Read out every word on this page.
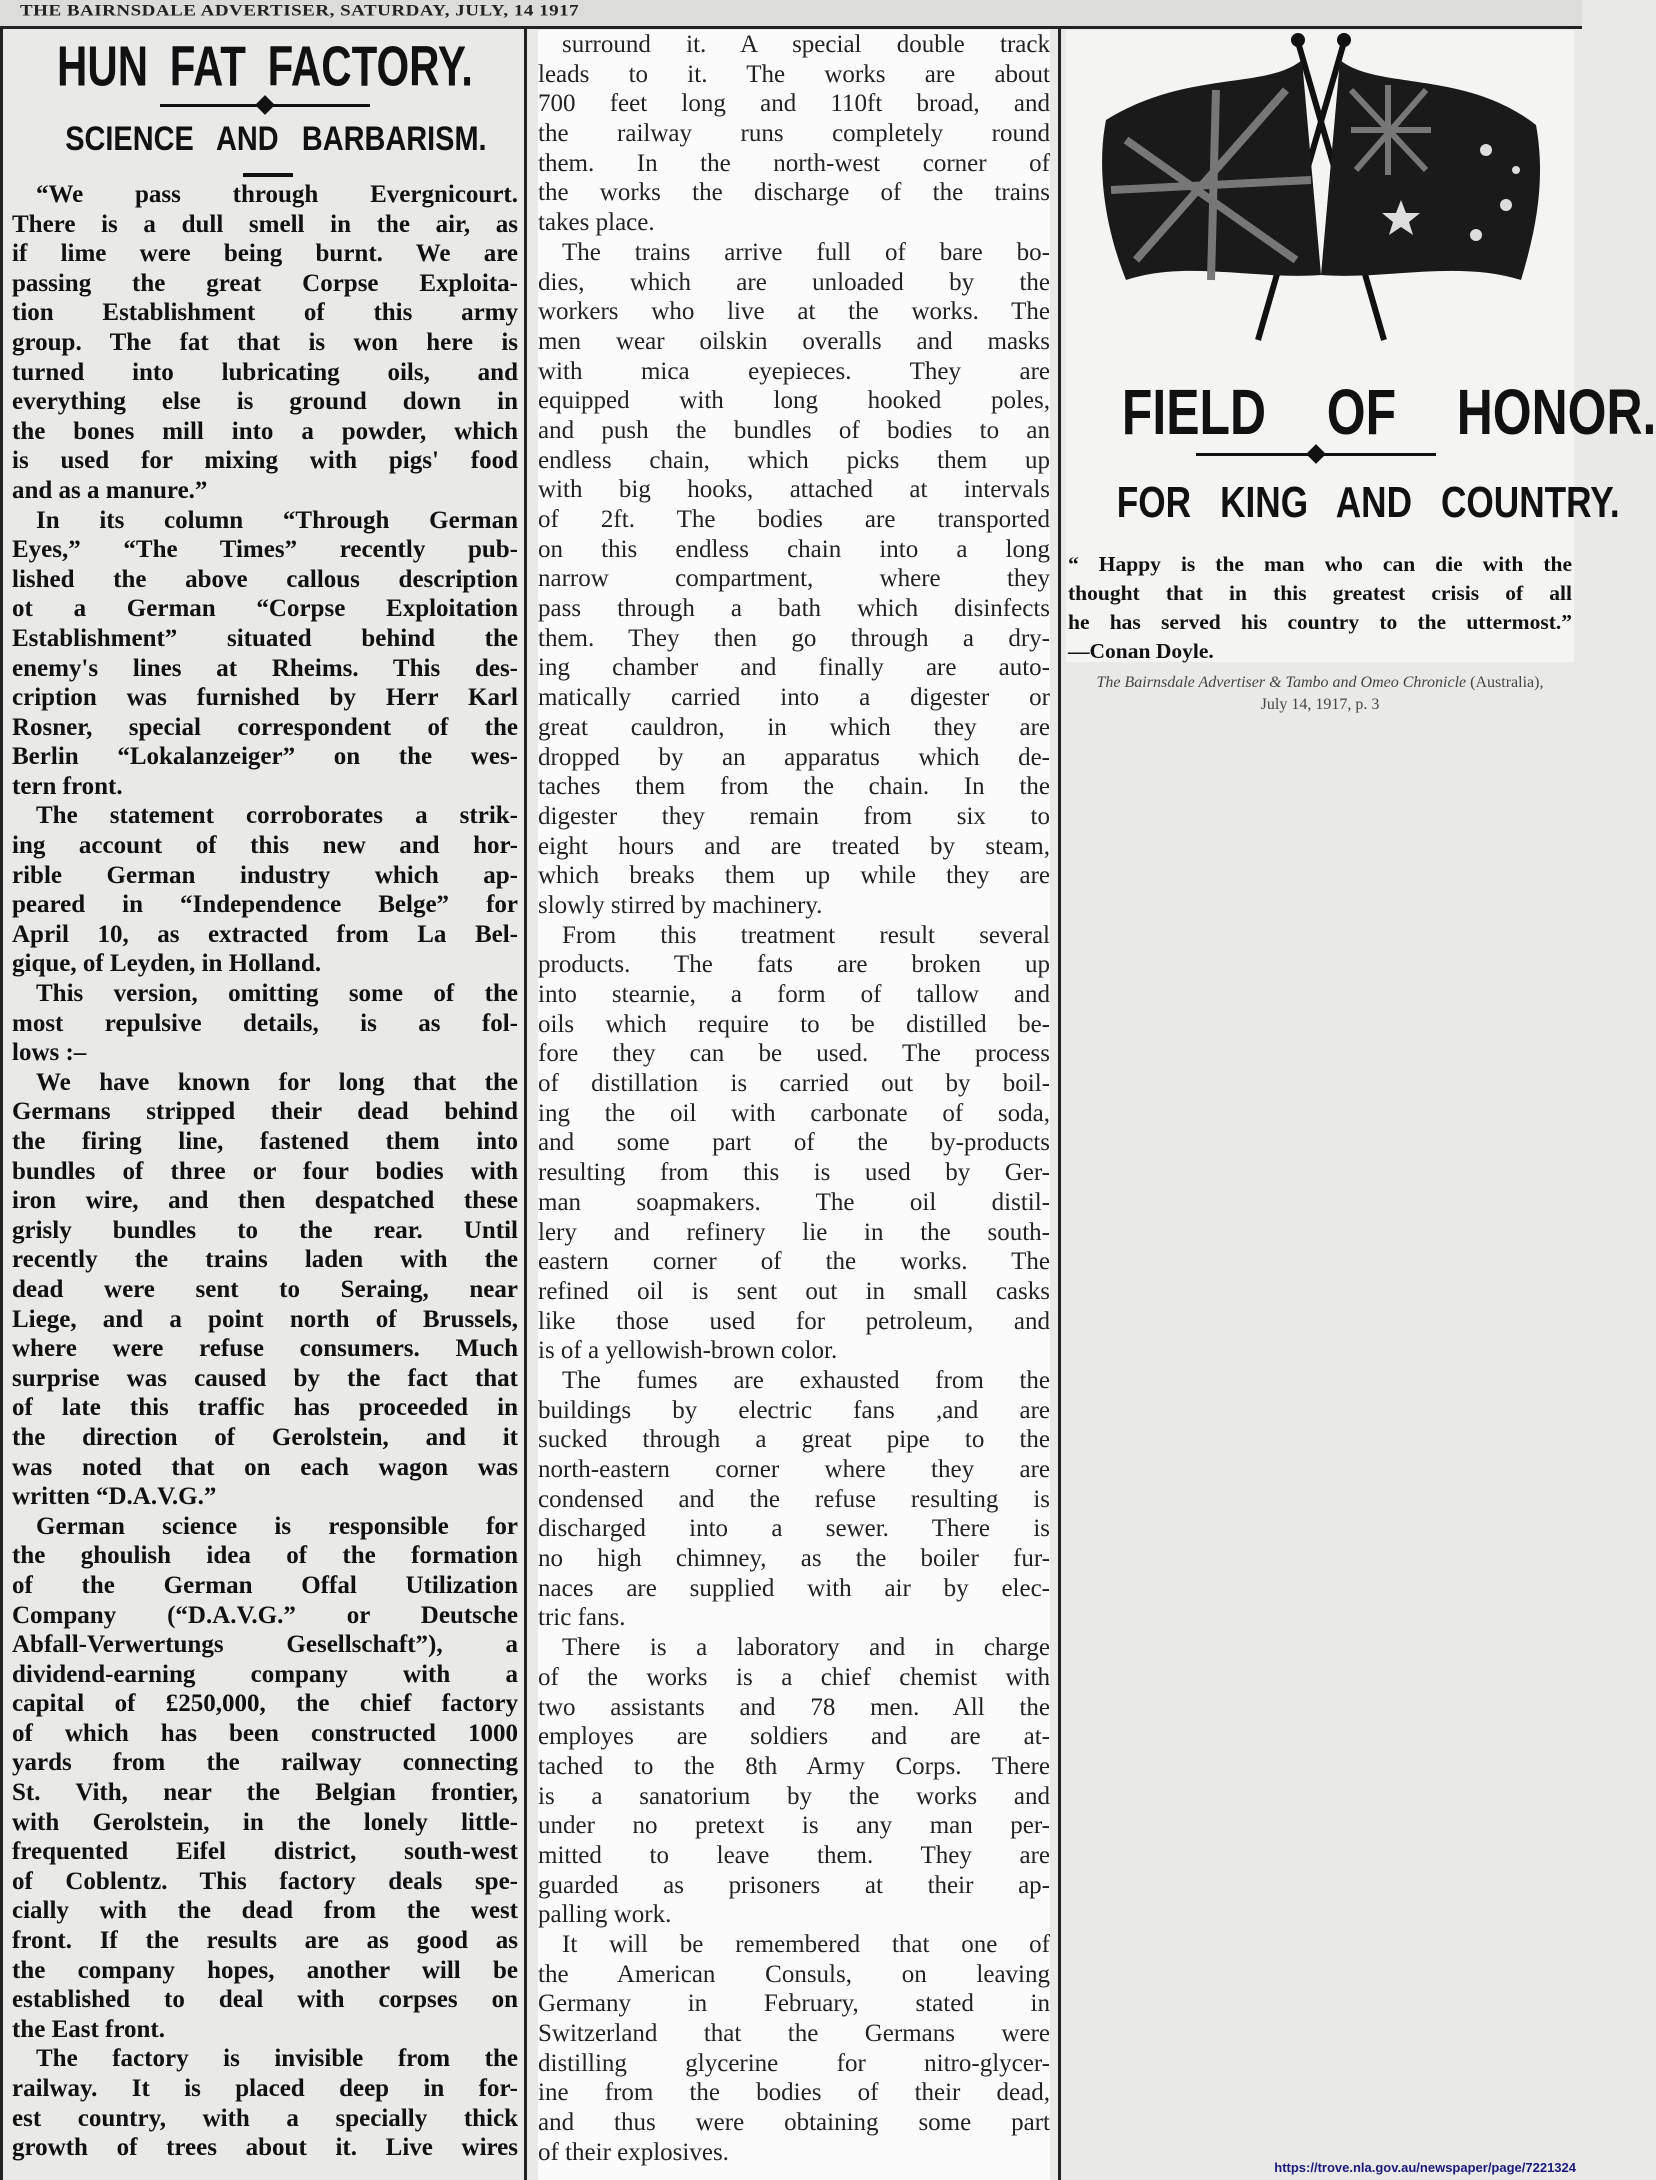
THE BAIRNSDALE ADVERTISER, SATURDAY, JULY, 14 1917
HUN FAT FACTORY.
SCIENCE AND BARBARISM.
“We pass through Evergnicourt.
There is a dull smell in the air, as
if lime were being burnt. We are
passing the great Corpse Exploita-
tion Establishment of this army
group. The fat that is won here is
turned into lubricating oils, and
everything else is ground down in
the bones mill into a powder, which
is used for mixing with pigs' food
and as a manure.”
In its column “Through German
Eyes,” “The Times” recently pub-
lished the above callous description
ot a German “Corpse Exploitation
Establishment” situated behind the
enemy's lines at Rheims. This des-
cription was furnished by Herr Karl
Rosner, special correspondent of the
Berlin “Lokalanzeiger” on the wes-
tern front.
The statement corroborates a strik-
ing account of this new and hor-
rible German industry which ap-
peared in “Independence Belge” for
April 10, as extracted from La Bel-
gique, of Leyden, in Holland.
This version, omitting some of the
most repulsive details, is as fol-
lows :–
We have known for long that the
Germans stripped their dead behind
the firing line, fastened them into
bundles of three or four bodies with
iron wire, and then despatched these
grisly bundles to the rear. Until
recently the trains laden with the
dead were sent to Seraing, near
Liege, and a point north of Brussels,
where were refuse consumers. Much
surprise was caused by the fact that
of late this traffic has proceeded in
the direction of Gerolstein, and it
was noted that on each wagon was
written “D.A.V.G.”
German science is responsible for
the ghoulish idea of the formation
of the German Offal Utilization
Company (“D.A.V.G.” or Deutsche
Abfall-Verwertungs Gesellschaft”), a
dividend-earning company with a
capital of £250,000, the chief factory
of which has been constructed 1000
yards from the railway connecting
St. Vith, near the Belgian frontier,
with Gerolstein, in the lonely little-
frequented Eifel district, south-west
of Coblentz. This factory deals spe-
cially with the dead from the west
front. If the results are as good as
the company hopes, another will be
established to deal with corpses on
the East front.
The factory is invisible from the
railway. It is placed deep in for-
est country, with a specially thick
growth of trees about it. Live wires
surround it. A special double track
leads to it. The works are about
700 feet long and 110ft broad, and
the railway runs completely round
them. In the north-west corner of
the works the discharge of the trains
takes place.
The trains arrive full of bare bo-
dies, which are unloaded by the
workers who live at the works. The
men wear oilskin overalls and masks
with mica eyepieces. They are
equipped with long hooked poles,
and push the bundles of bodies to an
endless chain, which picks them up
with big hooks, attached at intervals
of 2ft. The bodies are transported
on this endless chain into a long
narrow compartment, where they
pass through a bath which disinfects
them. They then go through a dry-
ing chamber and finally are auto-
matically carried into a digester or
great cauldron, in which they are
dropped by an apparatus which de-
taches them from the chain. In the
digester they remain from six to
eight hours and are treated by steam,
which breaks them up while they are
slowly stirred by machinery.
From this treatment result several
products. The fats are broken up
into stearnie, a form of tallow and
oils which require to be distilled be-
fore they can be used. The process
of distillation is carried out by boil-
ing the oil with carbonate of soda,
and some part of the by-products
resulting from this is used by Ger-
man soapmakers. The oil distil-
lery and refinery lie in the south-
eastern corner of the works. The
refined oil is sent out in small casks
like those used for petroleum, and
is of a yellowish-brown color.
The fumes are exhausted from the
buildings by electric fans ,and are
sucked through a great pipe to the
north-eastern corner where they are
condensed and the refuse resulting is
discharged into a sewer. There is
no high chimney, as the boiler fur-
naces are supplied with air by elec-
tric fans.
There is a laboratory and in charge
of the works is a chief chemist with
two assistants and 78 men. All the
employes are soldiers and are at-
tached to the 8th Army Corps. There
is a sanatorium by the works and
under no pretext is any man per-
mitted to leave them. They are
guarded as prisoners at their ap-
palling work.
It will be remembered that one of
the American Consuls, on leaving
Germany in February, stated in
Switzerland that the Germans were
distilling glycerine for nitro-glycer-
ine from the bodies of their dead,
and thus were obtaining some part
of their explosives.
FIELD OF HONOR.
FOR KING AND COUNTRY.
“ Happy is the man who can die with the
thought that in this greatest crisis of all
he has served his country to the uttermost.”
—Conan Doyle.
The Bairnsdale Advertiser & Tambo and Omeo Chronicle (Australia),
July 14, 1917, p. 3
https://trove.nla.gov.au/newspaper/page/7221324
